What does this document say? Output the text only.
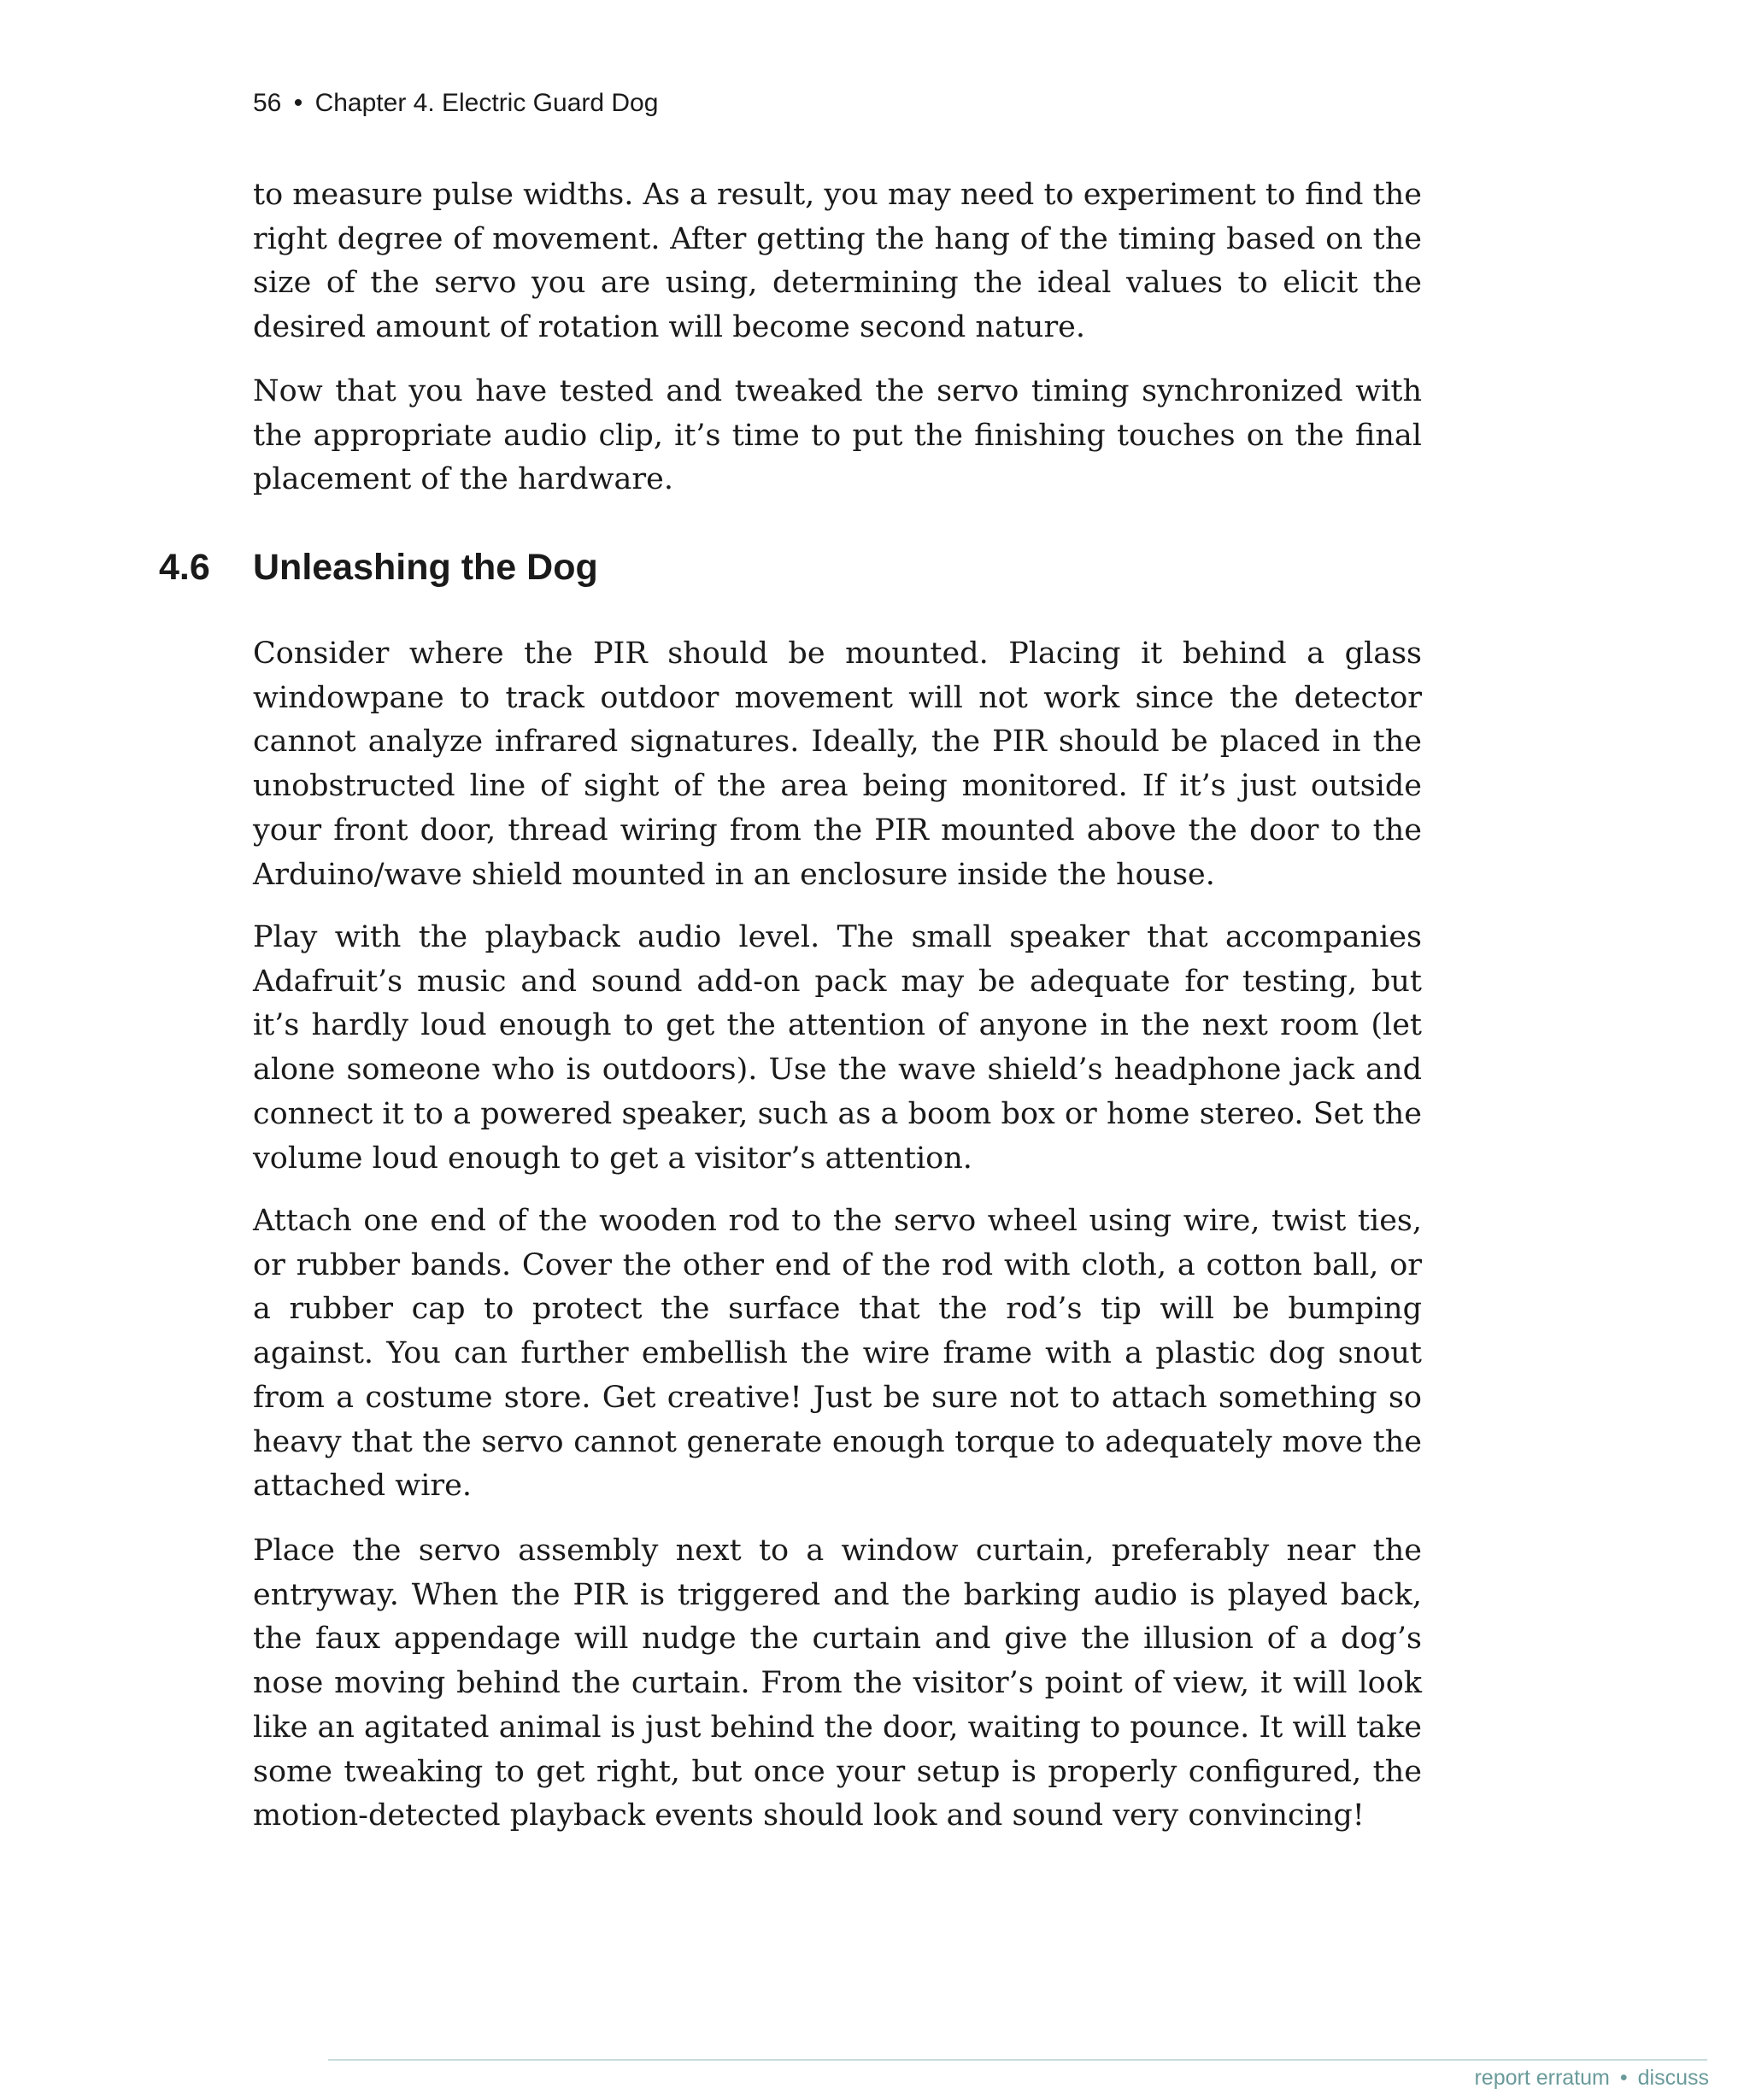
56 • Chapter 4. Electric Guard Dog

to measure pulse widths. As a result, you may need to experiment to find the right degree of movement. After getting the hang of the timing based on the size of the servo you are using, determining the ideal values to elicit the desired amount of rotation will become second nature.

Now that you have tested and tweaked the servo timing synchronized with the appropriate audio clip, it’s time to put the finishing touches on the final placement of the hardware.

4.6 Unleashing the Dog

Consider where the PIR should be mounted. Placing it behind a glass windowpane to track outdoor movement will not work since the detector cannot analyze infrared signatures. Ideally, the PIR should be placed in the unobstructed line of sight of the area being monitored. If it’s just outside your front door, thread wiring from the PIR mounted above the door to the Arduino/wave shield mounted in an enclosure inside the house.

Play with the playback audio level. The small speaker that accompanies Adafruit’s music and sound add-on pack may be adequate for testing, but it’s hardly loud enough to get the attention of anyone in the next room (let alone someone who is outdoors). Use the wave shield’s headphone jack and connect it to a powered speaker, such as a boom box or home stereo. Set the volume loud enough to get a visitor’s attention.

Attach one end of the wooden rod to the servo wheel using wire, twist ties, or rubber bands. Cover the other end of the rod with cloth, a cotton ball, or a rubber cap to protect the surface that the rod’s tip will be bumping against. You can further embellish the wire frame with a plastic dog snout from a costume store. Get creative! Just be sure not to attach something so heavy that the servo cannot generate enough torque to adequately move the attached wire.

Place the servo assembly next to a window curtain, preferably near the entryway. When the PIR is triggered and the barking audio is played back, the faux appendage will nudge the curtain and give the illusion of a dog’s nose moving behind the curtain. From the visitor’s point of view, it will look like an agitated animal is just behind the door, waiting to pounce. It will take some tweaking to get right, but once your setup is properly configured, the motion-detected playback events should look and sound very convincing!

report erratum • discuss
